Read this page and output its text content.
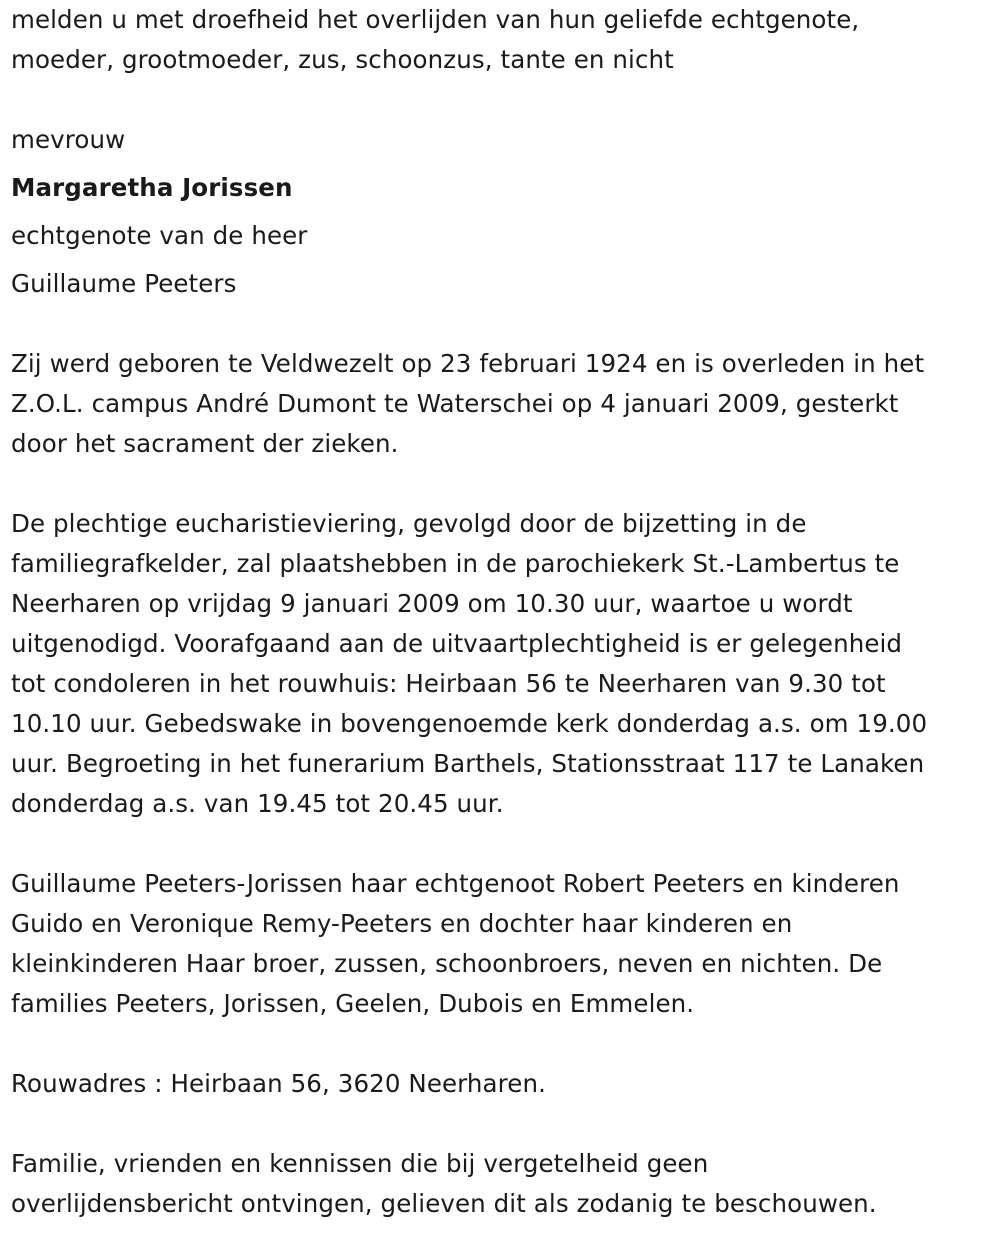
melden u met droefheid het overlijden van hun geliefde echtgenote,
moeder, grootmoeder, zus, schoonzus, tante en nicht
mevrouw
Margaretha Jorissen
echtgenote van de heer
Guillaume Peeters
Zij werd geboren te Veldwezelt op 23 februari 1924 en is overleden in het
Z.O.L. campus André Dumont te Waterschei op 4 januari 2009, gesterkt
door het sacrament der zieken.
De plechtige eucharistieviering, gevolgd door de bijzetting in de
familiegrafkelder, zal plaatshebben in de parochiekerk St.-Lambertus te
Neerharen op vrijdag 9 januari 2009 om 10.30 uur, waartoe u wordt
uitgenodigd. Voorafgaand aan de uitvaartplechtigheid is er gelegenheid
tot condoleren in het rouwhuis: Heirbaan 56 te Neerharen van 9.30 tot
10.10 uur. Gebedswake in bovengenoemde kerk donderdag a.s. om 19.00
uur. Begroeting in het funerarium Barthels, Stationsstraat 117 te Lanaken
donderdag a.s. van 19.45 tot 20.45 uur.
Guillaume Peeters-Jorissen haar echtgenoot Robert Peeters en kinderen
Guido en Veronique Remy-Peeters en dochter haar kinderen en
kleinkinderen Haar broer, zussen, schoonbroers, neven en nichten. De
families Peeters, Jorissen, Geelen, Dubois en Emmelen.
Rouwadres : Heirbaan 56, 3620 Neerharen.
Familie, vrienden en kennissen die bij vergetelheid geen
overlijdensbericht ontvingen, gelieven dit als zodanig te beschouwen.
